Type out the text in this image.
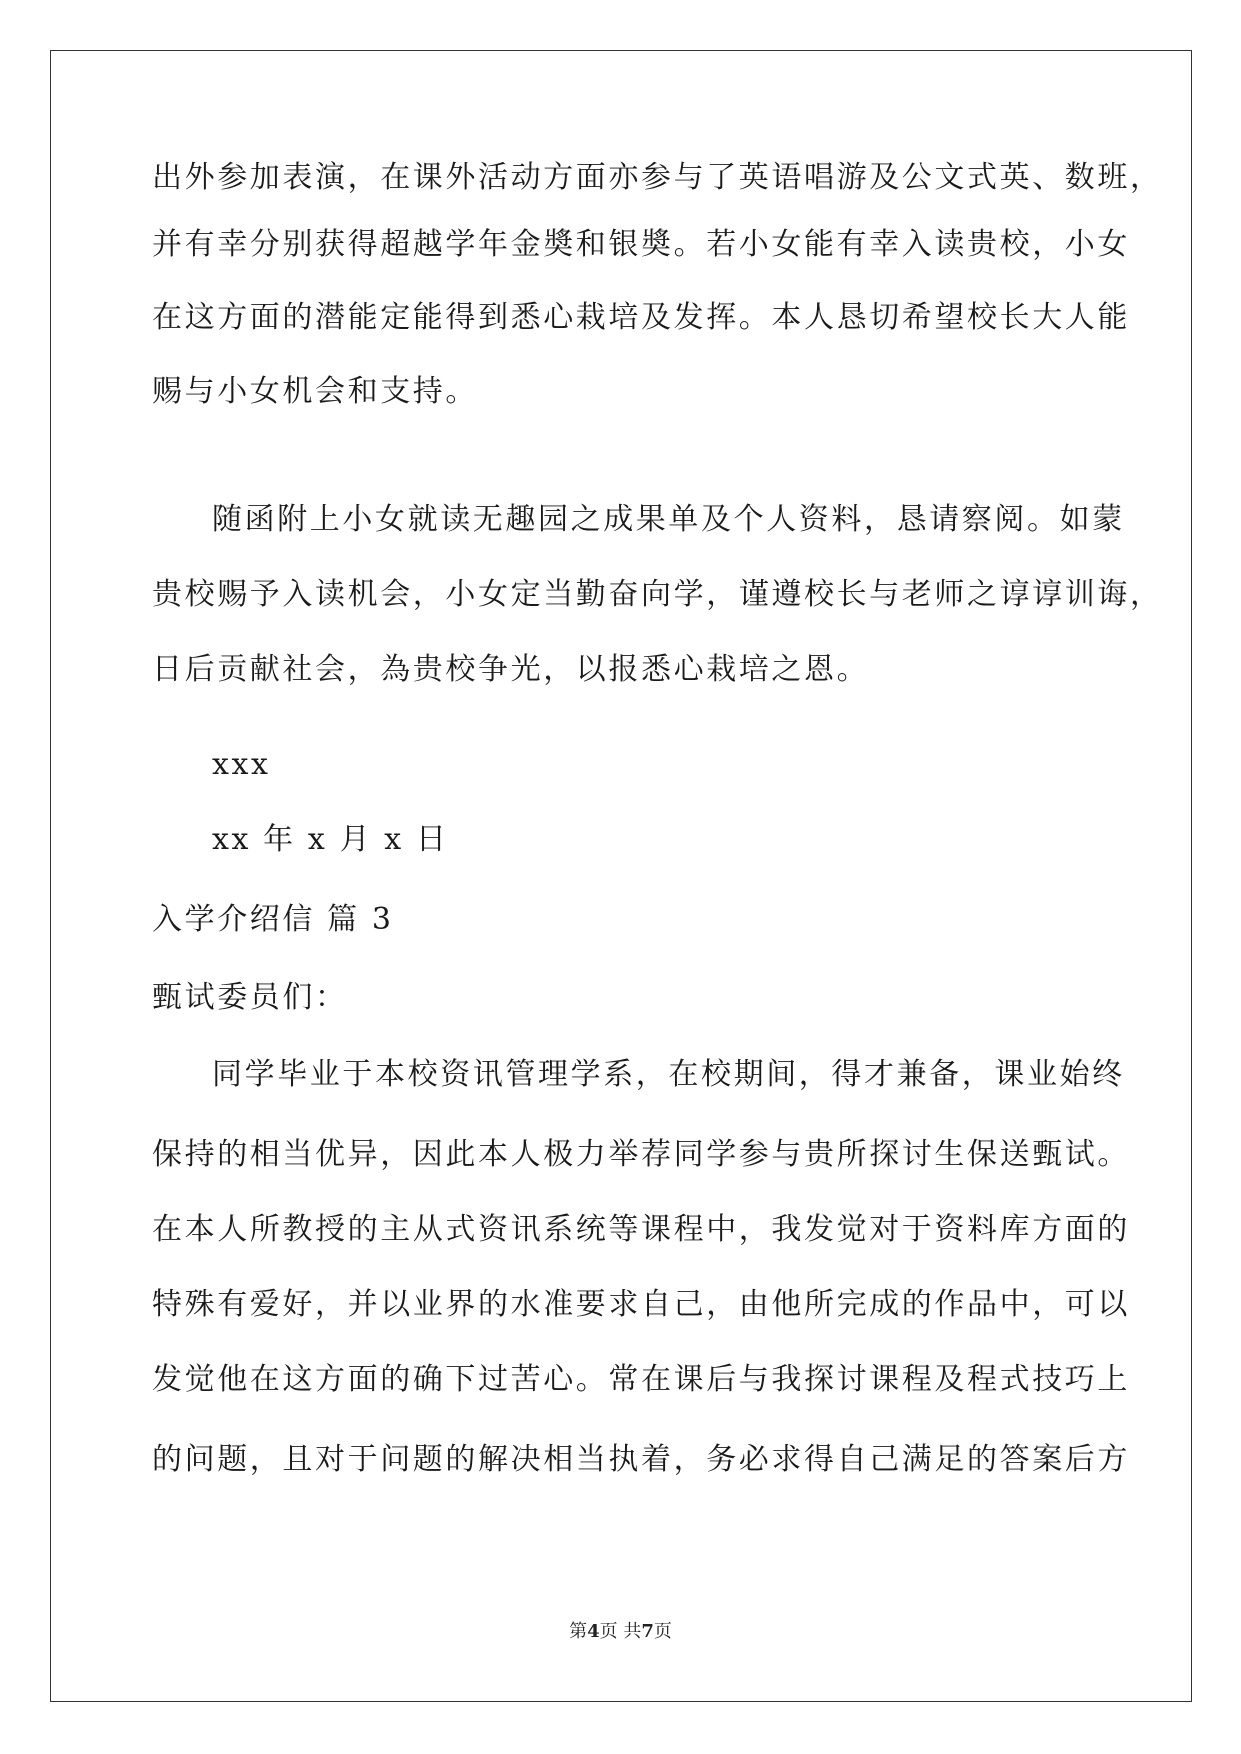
出外参加表演，在课外活动方面亦参与了英语唱游及公文式英、数班，
并有幸分别获得超越学年金奬和银奬。若小女能有幸入读贵校，小女
在这方面的潜能定能得到悉心栽培及发挥。本人恳切希望校长大人能
赐与小女机会和支持。
随函附上小女就读无趣园之成果单及个人资料，恳请察阅。如蒙
贵校赐予入读机会，小女定当勤奋向学，谨遵校长与老师之谆谆训诲，
日后贡献社会，為贵校争光，以报悉心栽培之恩。
xxx
xx 年 x 月 x 日
入学介绍信 篇 3
甄试委员们：
同学毕业于本校资讯管理学系，在校期间，得才兼备，课业始终
保持的相当优异，因此本人极力举荐同学参与贵所探讨生保送甄试。
在本人所教授的主从式资讯系统等课程中，我发觉对于资料库方面的
特殊有爱好，并以业界的水准要求自己，由他所完成的作品中，可以
发觉他在这方面的确下过苦心。常在课后与我探讨课程及程式技巧上
的问题，且对于问题的解决相当执着，务必求得自己满足的答案后方
第4页 共7页
